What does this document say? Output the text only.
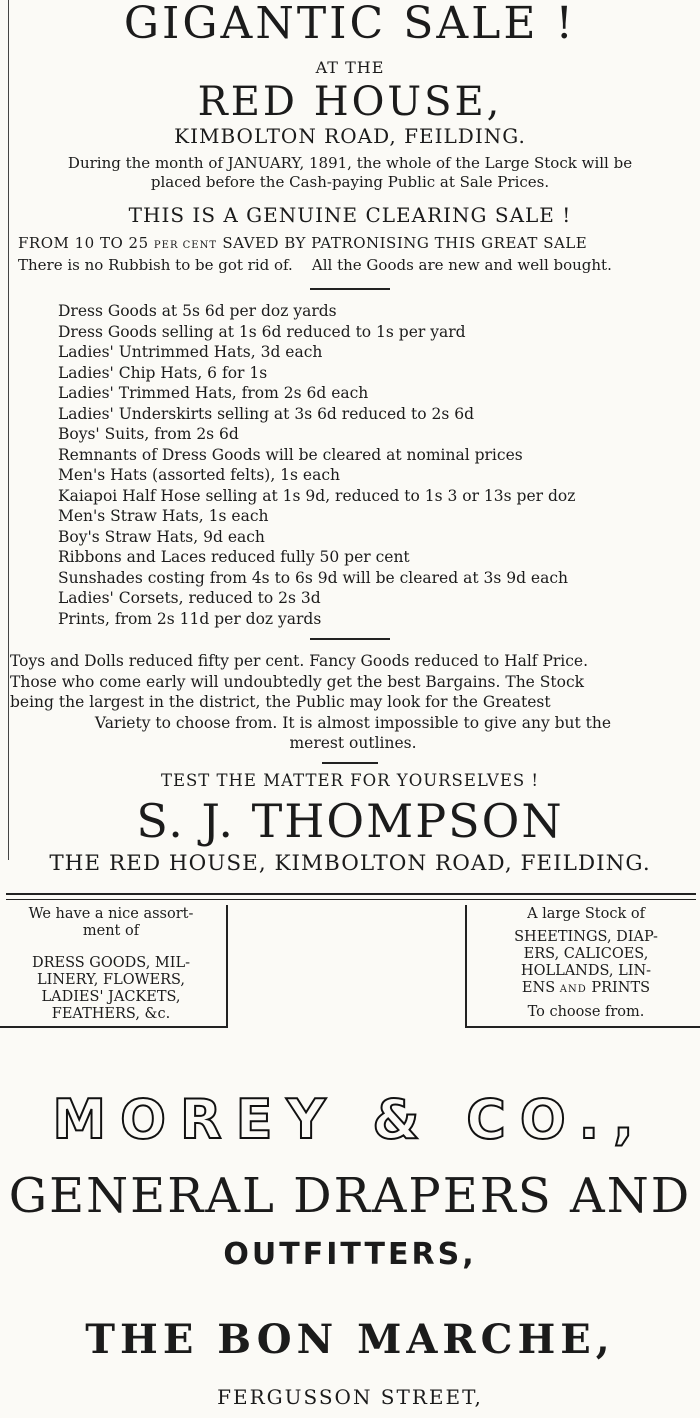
GIGANTIC SALE !
AT THE
RED HOUSE,
KIMBOLTON ROAD, FEILDING.
During the month of JANUARY, 1891, the whole of the Large Stock will be
placed before the Cash-paying Public at Sale Prices.
THIS IS A GENUINE CLEARING SALE !
FROM 10 TO 25 PER CENT SAVED BY PATRONISING THIS GREAT SALE
There is no Rubbish to be got rid of. All the Goods are new and well bought.
Dress Goods at 5s 6d per doz yards
Dress Goods selling at 1s 6d reduced to 1s per yard
Ladies' Untrimmed Hats, 3d each
Ladies' Chip Hats, 6 for 1s
Ladies' Trimmed Hats, from 2s 6d each
Ladies' Underskirts selling at 3s 6d reduced to 2s 6d
Boys' Suits, from 2s 6d
Remnants of Dress Goods will be cleared at nominal prices
Men's Hats (assorted felts), 1s each
Kaiapoi Half Hose selling at 1s 9d, reduced to 1s 3 or 13s per doz
Men's Straw Hats, 1s each
Boy's Straw Hats, 9d each
Ribbons and Laces reduced fully 50 per cent
Sunshades costing from 4s to 6s 9d will be cleared at 3s 9d each
Ladies' Corsets, reduced to 2s 3d
Prints, from 2s 11d per doz yards
Toys and Dolls reduced fifty per cent. Fancy Goods reduced to Half Price.
Those who come early will undoubtedly get the best Bargains. The Stock
being the largest in the district, the Public may look for the Greatest
Variety to choose from. It is almost impossible to give any but the
merest outlines.
TEST THE MATTER FOR YOURSELVES !
S. J. THOMPSON
THE RED HOUSE, KIMBOLTON ROAD, FEILDING.
We have a nice assort-
ment of
DRESS GOODS, MIL-
LINERY, FLOWERS,
LADIES' JACKETS,
FEATHERS, &c.
A large Stock of
SHEETINGS, DIAP-
ERS, CALICOES,
HOLLANDS, LIN-
ENS AND PRINTS
To choose from.
MOREY & CO.,
GENERAL DRAPERS AND
OUTFITTERS,
THE BON MARCHE,
FERGUSSON STREET,
